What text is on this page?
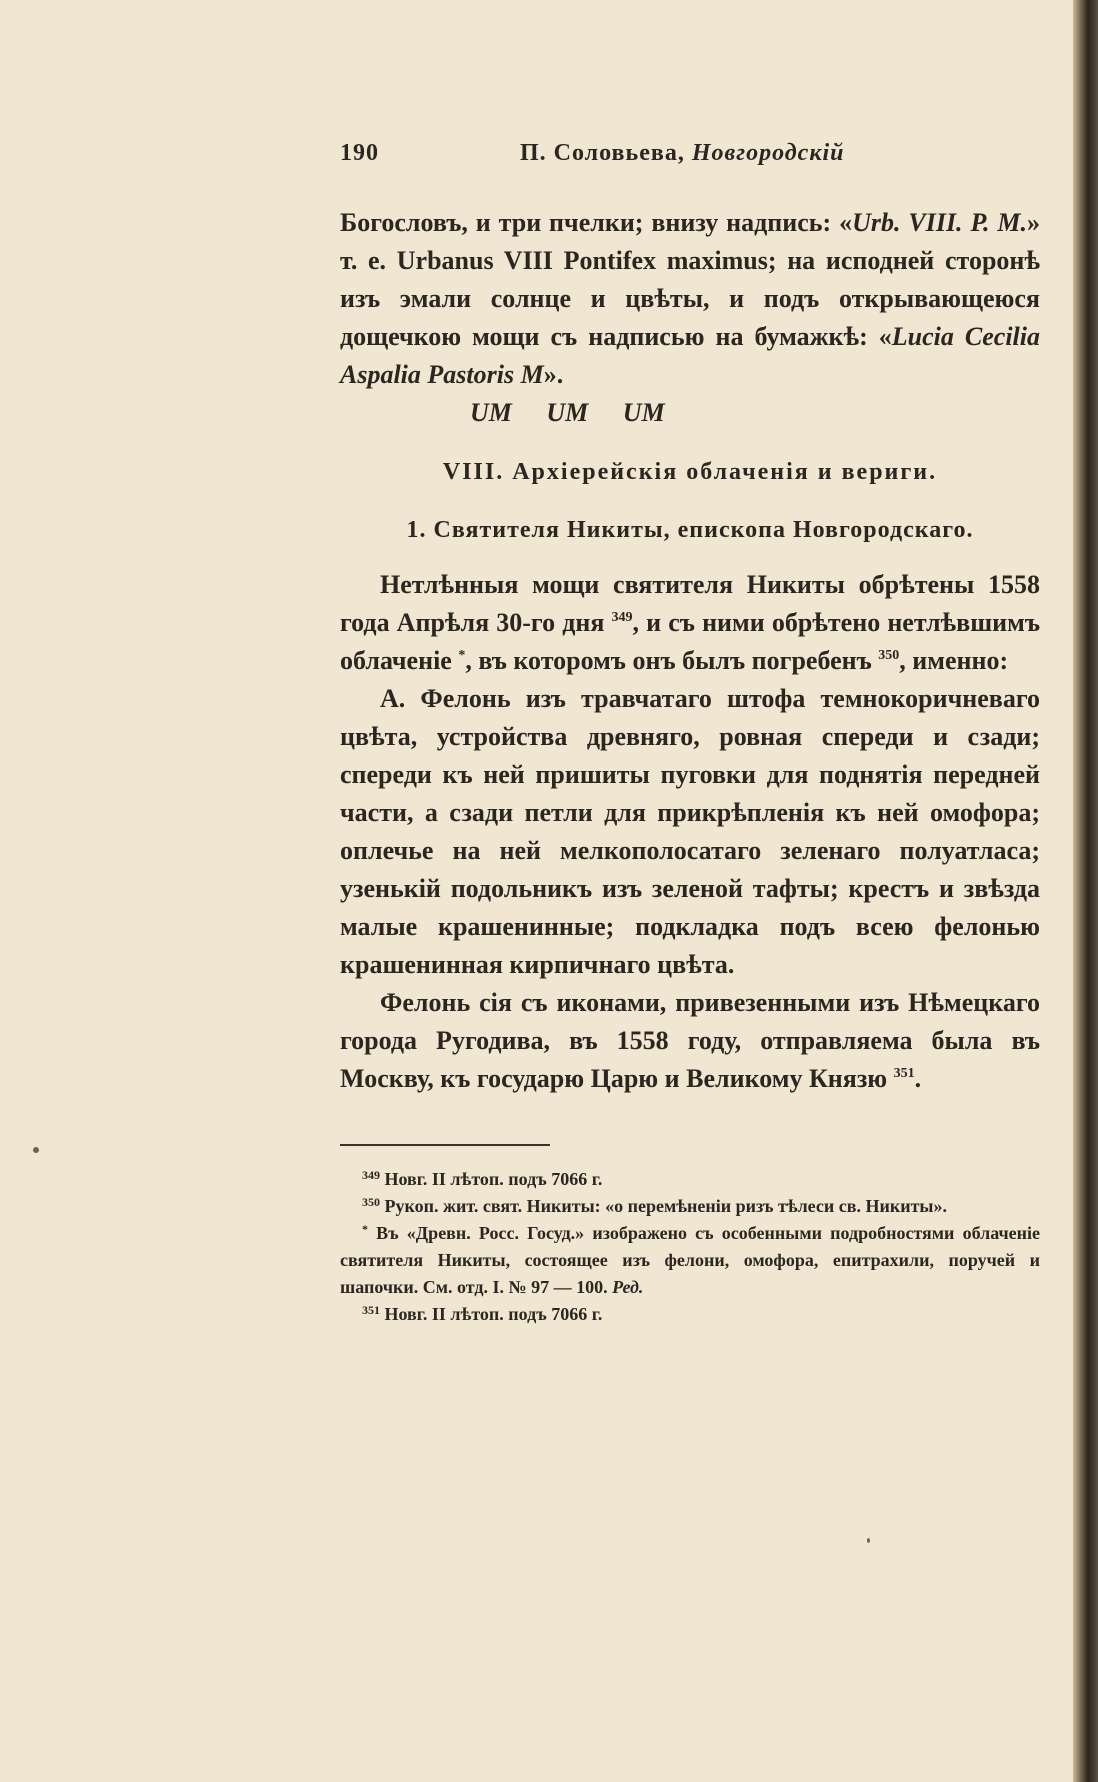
190	П. Соловьева, Новгородскій

Богословъ, и три пчелки; внизу надпись: «Urb. VIII. P. M.» т. е. Urbanus VIII Pontifex maximus; на исподней сторонѣ изъ эмали солнце и цвѣты, и подъ открывающеюся дощечкою мощи съ надписью на бумажкѣ: «Lucia Cecilia Aspalia Pastoris M».

UM UM UM

VIII. Архіерейскія облаченія и вериги.
1. Святителя Никиты, епископа Новгородскаго.

Нетлѣнныя мощи святителя Никиты обрѣтены 1558 года Апрѣля 30-го дня $^{349}$, и съ ними обрѣтено нетлѣвшимъ облаченіе *, въ которомъ онъ былъ погребенъ $^{350}$, именно:

А. Фелонь изъ травчатаго штофа темнокоричневаго цвѣта, устройства древняго, ровная спереди и сзади; спереди къ ней пришиты пуговки для поднятія передней части, а сзади петли для прикрѣпленія къ ней омофора; оплечье на ней мелкополосатаго зеленаго полуатласа; узенькій подольникъ изъ зеленой тафты; крестъ и звѣзда малые крашенинные; подкладка подъ всею фелонью крашенинная кирпичнаго цвѣта.

Фелонь сія съ иконами, привезенными изъ Нѣмецкаго города Ругодива, въ 1558 году, отправляема была въ Москву, къ государю Царю и Великому Князю $^{351}$.

$^{349}$ Новг. II лѣтоп. подъ 7066 г.

$^{350}$ Рукоп. жит. свят. Никиты: «о перемѣненіи ризъ тѣлеси св. Никиты».

* Въ «Древн. Росс. Госуд.» изображено съ особенными подробностями облаченіе святителя Никиты, состоящее изъ фелони, омофора, епитрахили, поручей и шапочки. См. отд. I. № 97 — 100. Ред.

$^{351}$ Новг. II лѣтоп. подъ 7066 г.
